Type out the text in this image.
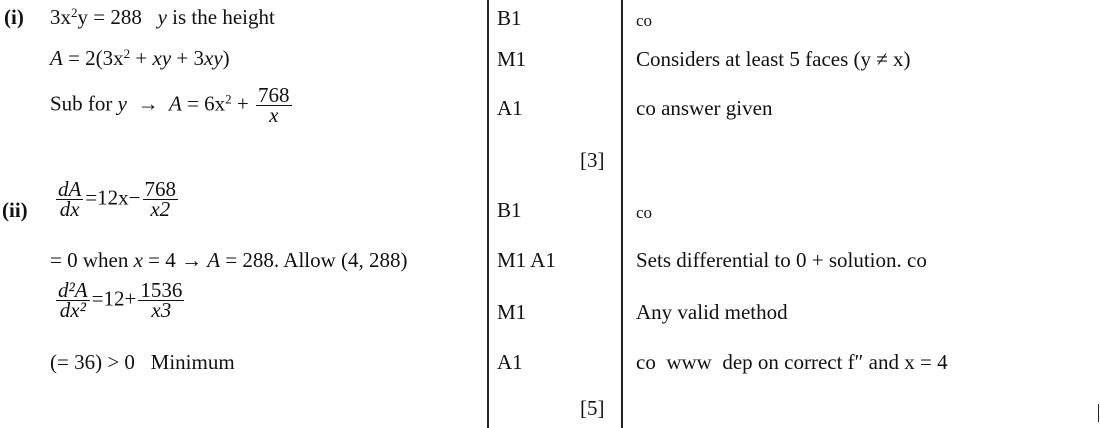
(i) $3x^2y = 288$   y is the height	B1	co
$A = 2(3x^2$ + xy + 3xy)	M1	Considers at least 5 faces (y ≠ x)
Sub for $y \to A = 6x^2 + \frac{768}{x}$	A1	co answer given
[3]
$(ii) \frac{dA}{dx} =12x- \frac{768}{x2}$	B1	co
= 0 when x = 4 → A = 288. Allow (4, 288)	M1 A1	Sets differential to 0 + solution. co
$\frac{\text{d²A}}{\text{dx²}} =12+ \frac{1536}{x3}$	M1	Any valid method
(= 36) > 0   Minimum	A1	co  www  dep on correct f″ and x = 4
[5]
